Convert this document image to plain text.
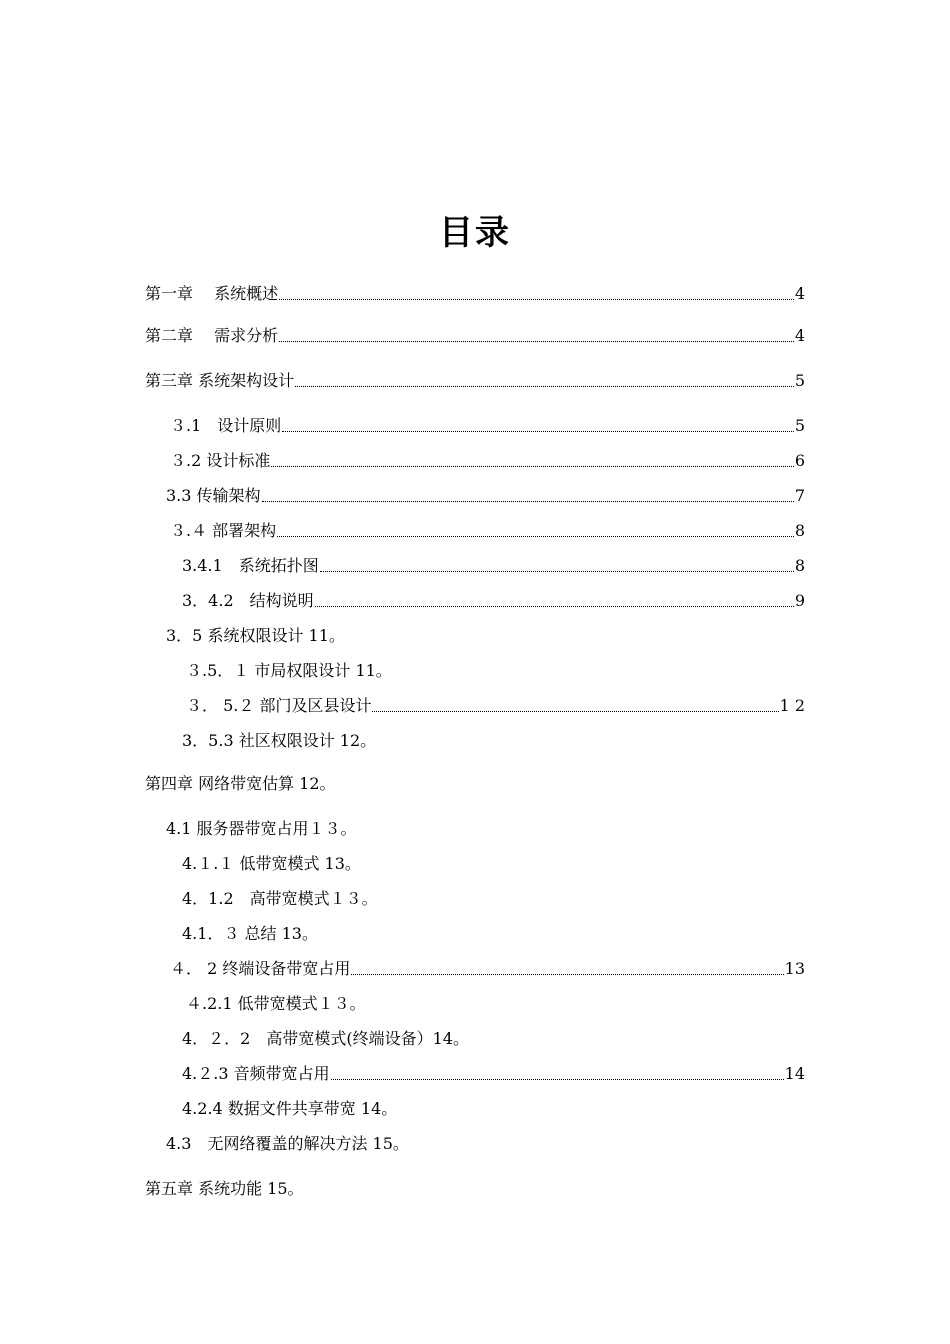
目录
第一章　 系统概述	4
第二章　 需求分析	4
第三章 系统架构设计	5
３.1　设计原则	5
３.2 设计标准	6
3.3 传输架构	7
３.４ 部署架构	8
3.4.1　系统拓扑图	8
3．4.2　结构说明	9
3．5 系统权限设计 11。
３.5．１ 市局权限设计 11。
３． 5.２ 部门及区县设计	1 2
3．5.3 社区权限设计 12。
第四章 网络带宽估算 12。
4.1 服务器带宽占用１３。
4.１.１ 低带宽模式 13。
4．1.2　高带宽模式１３。
4.1．３ 总结 13。
４． 2 终端设备带宽占用	13
４.2.1 低带宽模式１３。
4．２．2　高带宽模式(终端设备）14。
4.２.3 音频带宽占用	14
4.2.4 数据文件共享带宽 14。
4.3　无网络覆盖的解决方法 15。
第五章 系统功能 15。
